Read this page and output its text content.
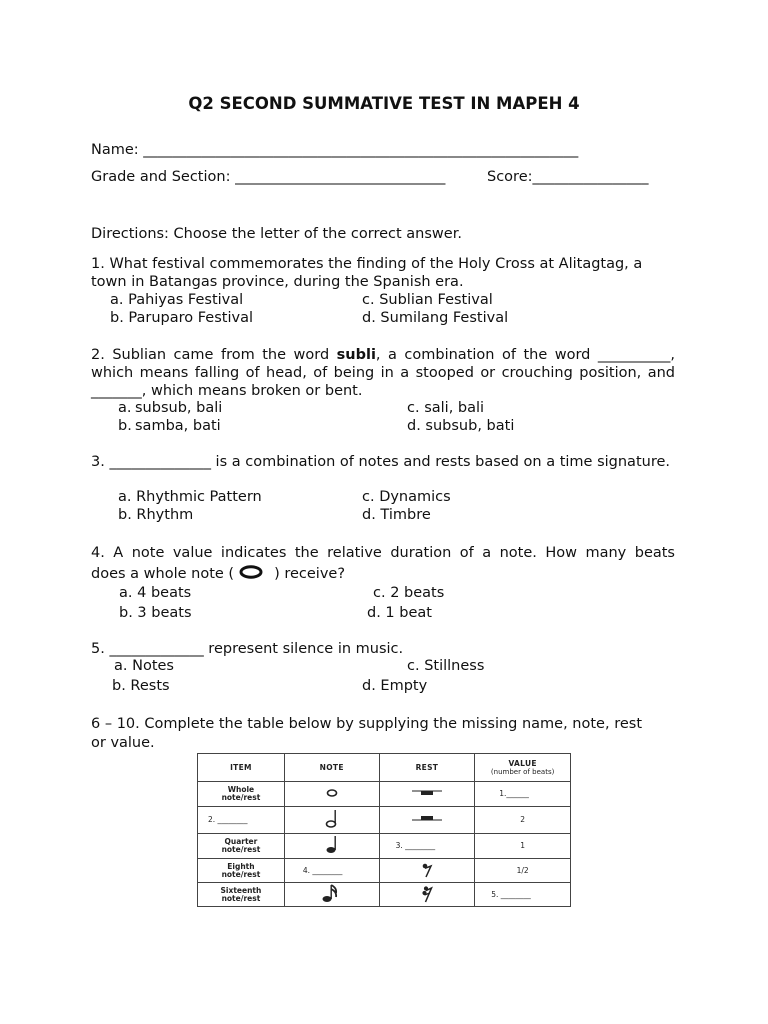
Q2 SECOND SUMMATIVE TEST IN MAPEH 4
Name: ____________________________________________________________
Grade and Section: _____________________________	Score:________________
Directions: Choose the letter of the correct answer.
1. What festival commemorates the finding of the Holy Cross at Alitagtag, a
town in Batangas province, during the Spanish era.
a. Pahiyas Festival
b. Paruparo Festival
c. Sublian Festival
d. Sumilang Festival
2. Sublian came from the word subli, a combination of the word __________, which means falling of head, of being in a stooped or crouching position, and _______, which means broken or bent.
a. subsub, bali
b. samba, bati
c. sali, bali
d. subsub, bati
3. ______________ is a combination of notes and rests based on a time signature.
a. Rhythmic Pattern
b. Rhythm
c. Dynamics
d. Timbre
4. A note value indicates the relative duration of a note. How many beats
does a whole note (	) receive?
a. 4 beats
b. 3 beats
c. 2 beats
d. 1 beat
5. _____________ represent silence in music.
a. Notes
b. Rests
c. Stillness
d. Empty
6 – 10. Complete the table below by supplying the missing name, note, rest
or value.
ITEM	NOTE	REST	VALUE
(number of beats)

Whole note/rest			1.______
2. ________			2
Quarter note/rest		3. ________	1
Eighth note/rest	4. ________		1/2
Sixteenth note/rest			5. ________
